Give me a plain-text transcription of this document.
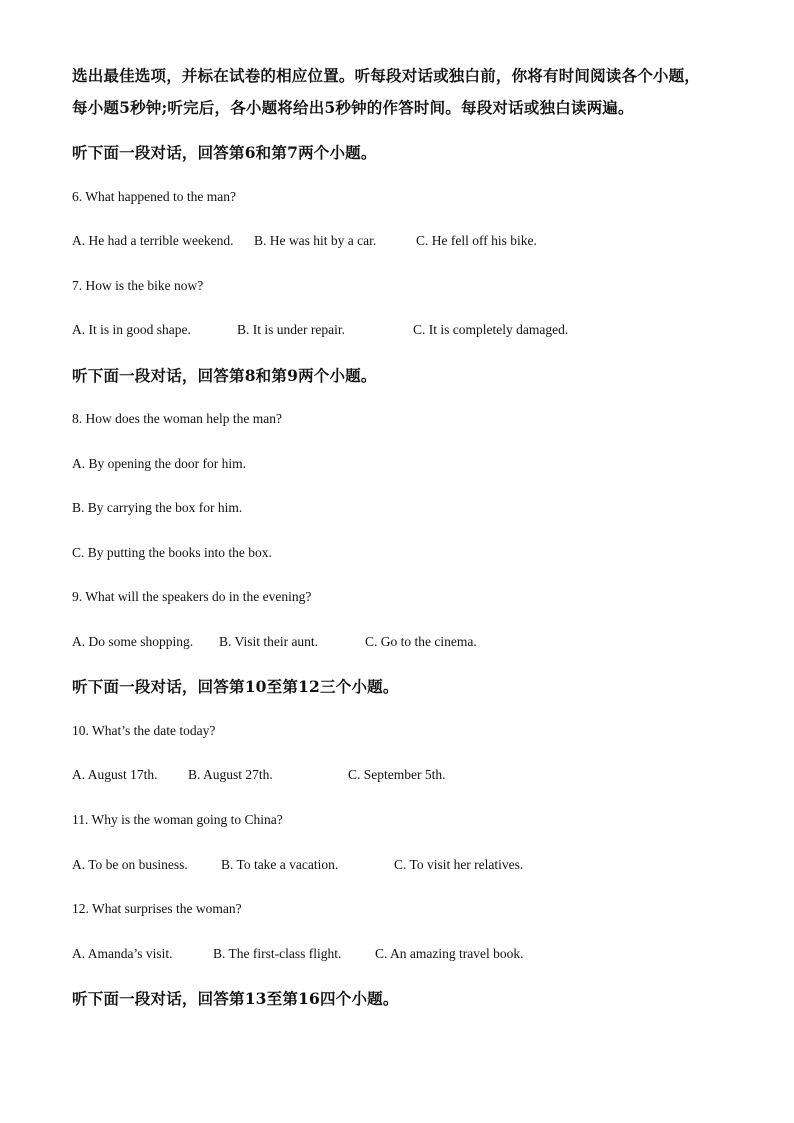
选出最佳选项，并标在试卷的相应位置。听每段对话或独白前，你将有时间阅读各个小题，
每小题5秒钟;听完后，各小题将给出5秒钟的作答时间。每段对话或独白读两遍。
听下面一段对话，回答第6和第7两个小题。
6. What happened to the man?
A. He had a terrible weekend. B. He was hit by a car.	C. He fell off his bike.
7. How is the bike now?
A. It is in good shape.	B. It is under repair.	C. It is completely damaged.
听下面一段对话，回答第8和第9两个小题。
8. How does the woman help the man?
A. By opening the door for him.
B. By carrying the box for him.
C. By putting the books into the box.
9. What will the speakers do in the evening?
A. Do some shopping. B. Visit their aunt.	C. Go to the cinema.
听下面一段对话，回答第10至第12三个小题。
10. What’s the date today?
A. August 17th. B. August 27th.	C. September 5th.
11. Why is the woman going to China?
A. To be on business. B. To take a vacation.	C. To visit her relatives.
12. What surprises the woman?
A. Amanda’s visit.	B. The first-class flight. C. An amazing travel book.
听下面一段对话，回答第13至第16四个小题。
